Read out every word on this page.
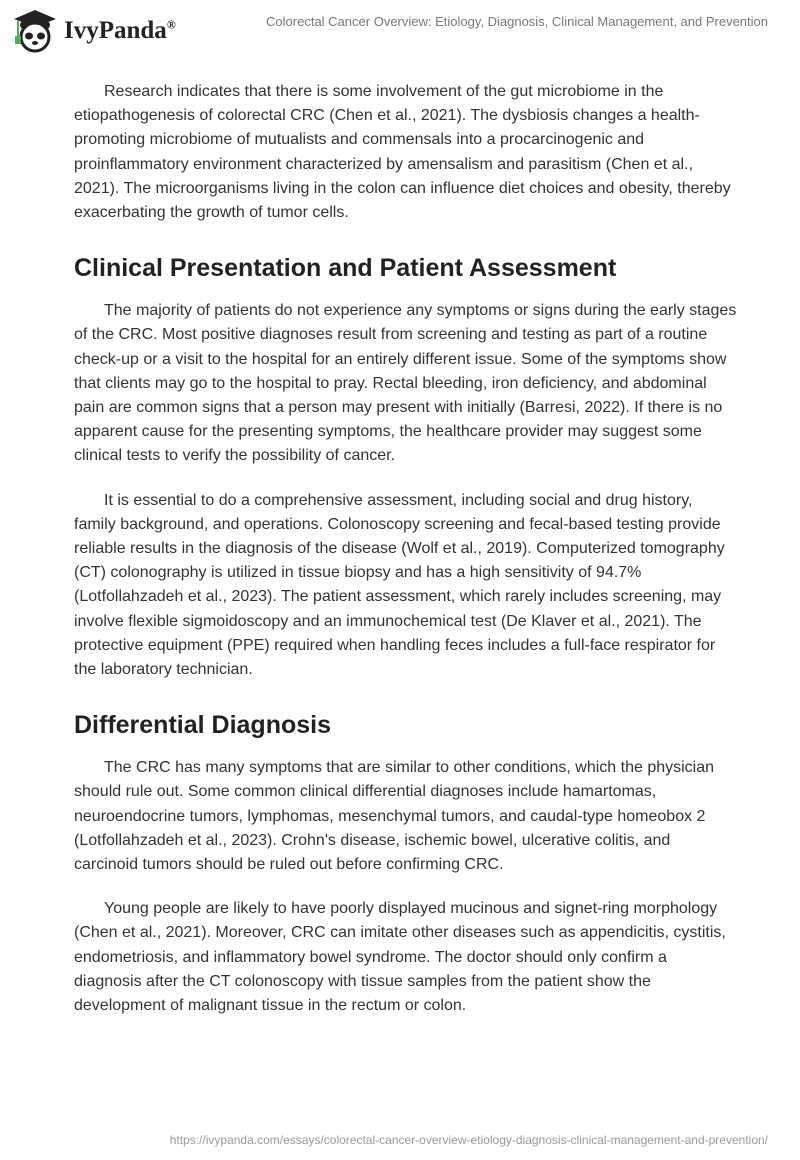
IvyPanda®	Colorectal Cancer Overview: Etiology, Diagnosis, Clinical Management, and Prevention

Research indicates that there is some involvement of the gut microbiome in the etiopathogenesis of colorectal CRC (Chen et al., 2021). The dysbiosis changes a health-promoting microbiome of mutualists and commensals into a procarcinogenic and proinflammatory environment characterized by amensalism and parasitism (Chen et al., 2021). The microorganisms living in the colon can influence diet choices and obesity, thereby exacerbating the growth of tumor cells.

Clinical Presentation and Patient Assessment

The majority of patients do not experience any symptoms or signs during the early stages of the CRC. Most positive diagnoses result from screening and testing as part of a routine check-up or a visit to the hospital for an entirely different issue. Some of the symptoms show that clients may go to the hospital to pray. Rectal bleeding, iron deficiency, and abdominal pain are common signs that a person may present with initially (Barresi, 2022). If there is no apparent cause for the presenting symptoms, the healthcare provider may suggest some clinical tests to verify the possibility of cancer.

It is essential to do a comprehensive assessment, including social and drug history, family background, and operations. Colonoscopy screening and fecal-based testing provide reliable results in the diagnosis of the disease (Wolf et al., 2019). Computerized tomography (CT) colonography is utilized in tissue biopsy and has a high sensitivity of 94.7% (Lotfollahzadeh et al., 2023). The patient assessment, which rarely includes screening, may involve flexible sigmoidoscopy and an immunochemical test (De Klaver et al., 2021). The protective equipment (PPE) required when handling feces includes a full-face respirator for the laboratory technician.

Differential Diagnosis

The CRC has many symptoms that are similar to other conditions, which the physician should rule out. Some common clinical differential diagnoses include hamartomas, neuroendocrine tumors, lymphomas, mesenchymal tumors, and caudal-type homeobox 2 (Lotfollahzadeh et al., 2023). Crohn's disease, ischemic bowel, ulcerative colitis, and carcinoid tumors should be ruled out before confirming CRC.

Young people are likely to have poorly displayed mucinous and signet-ring morphology (Chen et al., 2021). Moreover, CRC can imitate other diseases such as appendicitis, cystitis, endometriosis, and inflammatory bowel syndrome. The doctor should only confirm a diagnosis after the CT colonoscopy with tissue samples from the patient show the development of malignant tissue in the rectum or colon.

https://ivypanda.com/essays/colorectal-cancer-overview-etiology-diagnosis-clinical-management-and-prevention/
